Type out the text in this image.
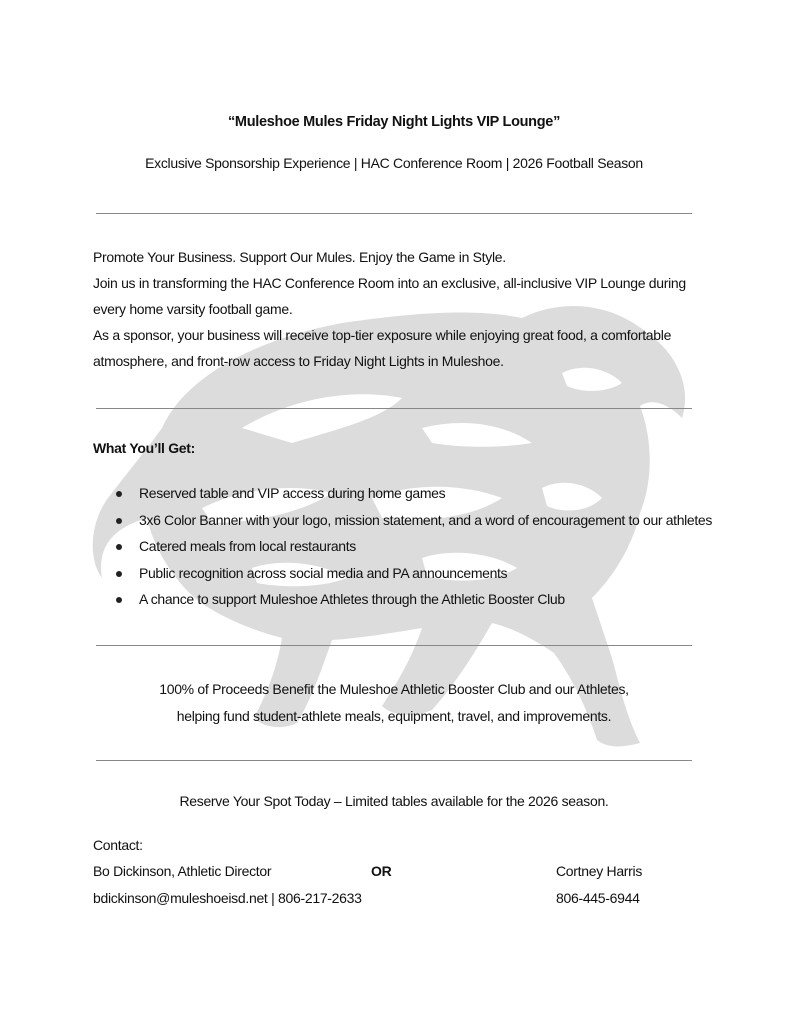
“Muleshoe Mules Friday Night Lights VIP Lounge”
Exclusive Sponsorship Experience | HAC Conference Room | 2026 Football Season

Promote Your Business. Support Our Mules. Enjoy the Game in Style.

Join us in transforming the HAC Conference Room into an exclusive, all-inclusive VIP Lounge during every home varsity football game.

As a sponsor, your business will receive top-tier exposure while enjoying great food, a comfortable atmosphere, and front-row access to Friday Night Lights in Muleshoe.

What You’ll Get:
Reserved table and VIP access during home games
3x6 Color Banner with your logo, mission statement, and a word of encouragement to our athletes
Catered meals from local restaurants
Public recognition across social media and PA announcements
A chance to support Muleshoe Athletes through the Athletic Booster Club
100% of Proceeds Benefit the Muleshoe Athletic Booster Club and our Athletes,
helping fund student-athlete meals, equipment, travel, and improvements.
Reserve Your Spot Today – Limited tables available for the 2026 season.
Contact:
Bo Dickinson, Athletic Director
bdickinson@muleshoeisd.net | 806-217-2633
OR	Cortney Harris
806-445-6944
